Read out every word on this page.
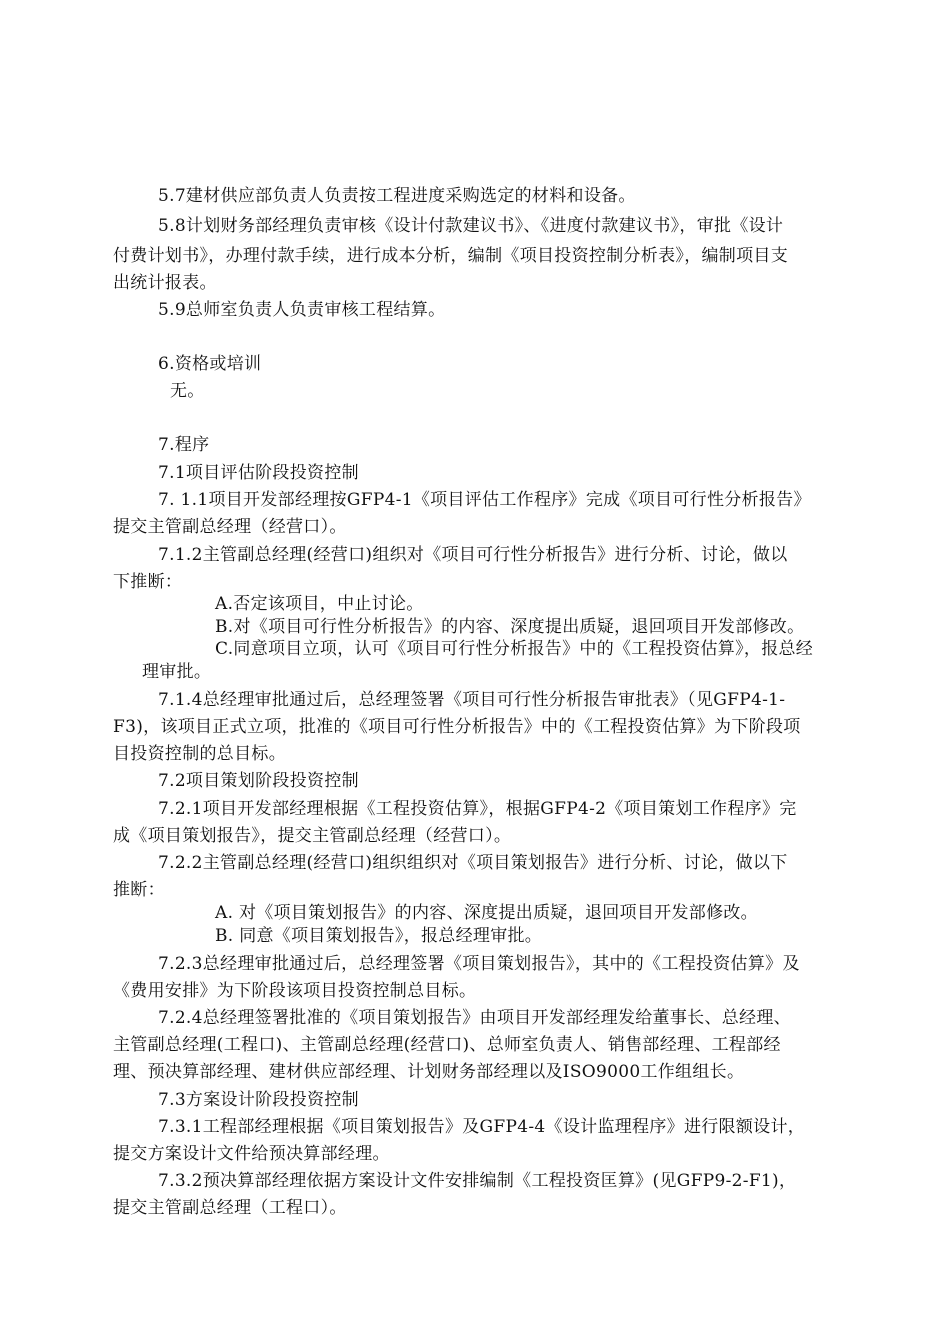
5.7建材供应部负责人负责按工程进度采购选定的材料和设备。

5.8计划财务部经理负责审核《设计付款建议书》、《进度付款建议书》，审批《设计

付费计划书》，办理付款手续，进行成本分析，编制《项目投资控制分析表》，编制项目支

出统计报表。

5.9总师室负责人负责审核工程结算。

6.资格或培训

无。

7.程序

7.1项目评估阶段投资控制

7. 1.1项目开发部经理按GFP4-1《项目评估工作程序》完成《项目可行性分析报告》

提交主管副总经理（经营口）。

7.1.2主管副总经理(经营口)组织对《项目可行性分析报告》进行分析、讨论，做以

下推断：

A.否定该项目，中止讨论。

B.对《项目可行性分析报告》的内容、深度提出质疑，退回项目开发部修改。

C.同意项目立项，认可《项目可行性分析报告》中的《工程投资估算》，报总经

理审批。

7.1.4总经理审批通过后，总经理签署《项目可行性分析报告审批表》（见GFP4-1-

F3)，该项目正式立项，批准的《项目可行性分析报告》中的《工程投资估算》为下阶段项

目投资控制的总目标。

7.2项目策划阶段投资控制

7.2.1项目开发部经理根据《工程投资估算》，根据GFP4-2《项目策划工作程序》完

成《项目策划报告》，提交主管副总经理（经营口）。

7.2.2主管副总经理(经营口)组织组织对《项目策划报告》进行分析、讨论，做以下

推断：

A. 对《项目策划报告》的内容、深度提出质疑，退回项目开发部修改。

B. 同意《项目策划报告》，报总经理审批。

7.2.3总经理审批通过后，总经理签署《项目策划报告》，其中的《工程投资估算》及

《费用安排》为下阶段该项目投资控制总目标。

7.2.4总经理签署批准的《项目策划报告》由项目开发部经理发给董事长、总经理、

主管副总经理(工程口)、主管副总经理(经营口)、总师室负责人、销售部经理、工程部经

理、预决算部经理、建材供应部经理、计划财务部经理以及ISO9000工作组组长。

7.3方案设计阶段投资控制

7.3.1工程部经理根据《项目策划报告》及GFP4-4《设计监理程序》进行限额设计，

提交方案设计文件给预决算部经理。

7.3.2预决算部经理依据方案设计文件安排编制《工程投资匡算》(见GFP9-2-F1)，

提交主管副总经理（工程口）。
